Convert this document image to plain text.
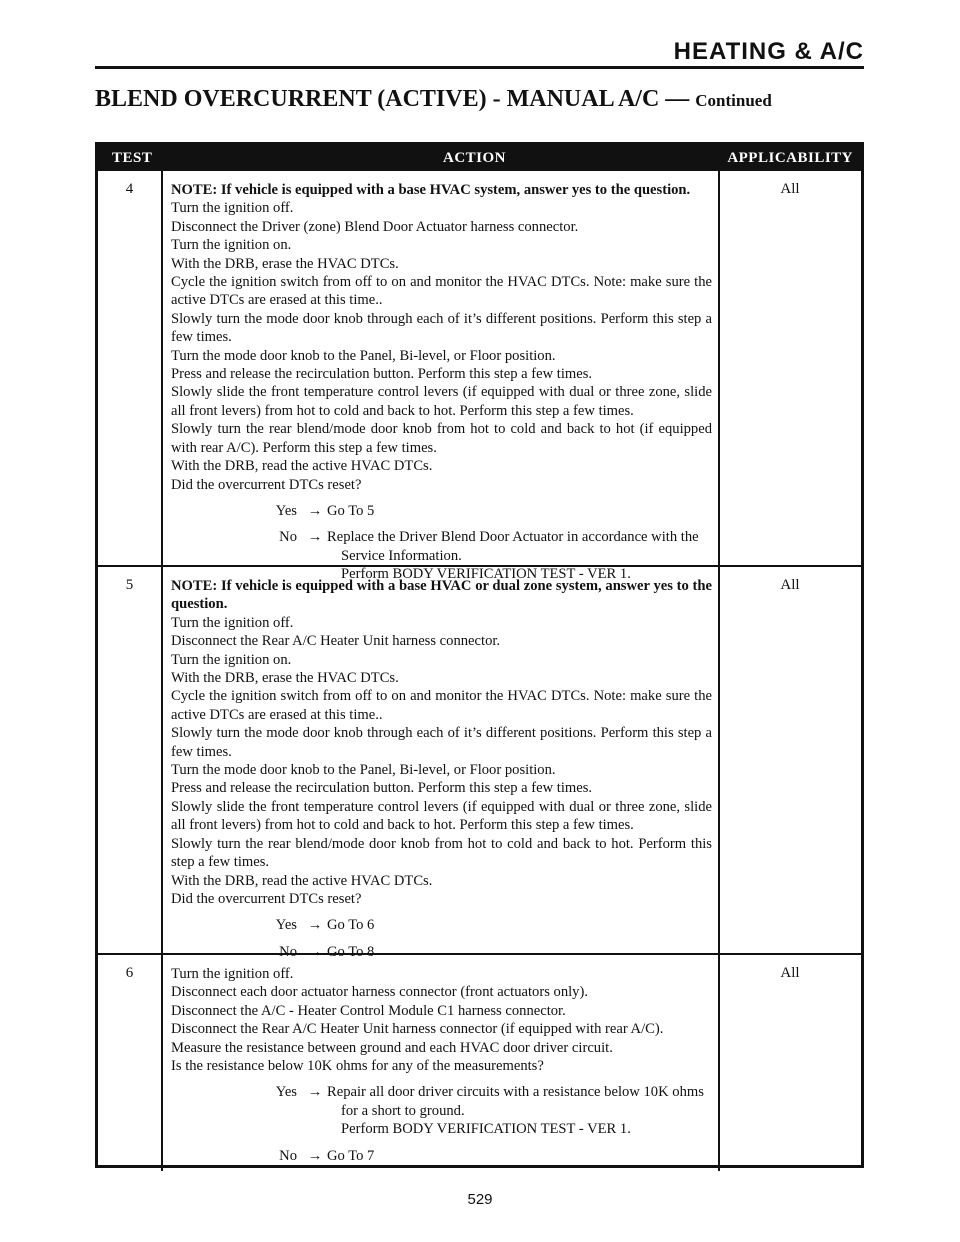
HEATING & A/C
BLEND OVERCURRENT (ACTIVE) - MANUAL A/C — Continued
TEST	ACTION	APPLICABILITY
4	NOTE: If vehicle is equipped with a base HVAC system, answer yes to the question.
Turn the ignition off.
Disconnect the Driver (zone) Blend Door Actuator harness connector.
Turn the ignition on.
With the DRB, erase the HVAC DTCs.
Cycle the ignition switch from off to on and monitor the HVAC DTCs. Note: make sure the active DTCs are erased at this time..
Slowly turn the mode door knob through each of it’s different positions. Perform this step a few times.
Turn the mode door knob to the Panel, Bi-level, or Floor position.
Press and release the recirculation button. Perform this step a few times.
Slowly slide the front temperature control levers (if equipped with dual or three zone, slide all front levers) from hot to cold and back to hot. Perform this step a few times.
Slowly turn the rear blend/mode door knob from hot to cold and back to hot (if equipped with rear A/C). Perform this step a few times.
With the DRB, read the active HVAC DTCs.
Did the overcurrent DTCs reset?
Yes → Go To 5
No → Replace the Driver Blend Door Actuator in accordance with the
Service Information.
Perform BODY VERIFICATION TEST - VER 1.
All
5	NOTE: If vehicle is equipped with a base HVAC or dual zone system, answer yes to the question.
Turn the ignition off.
Disconnect the Rear A/C Heater Unit harness connector.
Turn the ignition on.
With the DRB, erase the HVAC DTCs.
Cycle the ignition switch from off to on and monitor the HVAC DTCs. Note: make sure the active DTCs are erased at this time..
Slowly turn the mode door knob through each of it’s different positions. Perform this step a few times.
Turn the mode door knob to the Panel, Bi-level, or Floor position.
Press and release the recirculation button. Perform this step a few times.
Slowly slide the front temperature control levers (if equipped with dual or three zone, slide all front levers) from hot to cold and back to hot. Perform this step a few times.
Slowly turn the rear blend/mode door knob from hot to cold and back to hot. Perform this step a few times.
With the DRB, read the active HVAC DTCs.
Did the overcurrent DTCs reset?
Yes → Go To 6
No → Go To 8
All
6	Turn the ignition off.
Disconnect each door actuator harness connector (front actuators only).
Disconnect the A/C - Heater Control Module C1 harness connector.
Disconnect the Rear A/C Heater Unit harness connector (if equipped with rear A/C).
Measure the resistance between ground and each HVAC door driver circuit.
Is the resistance below 10K ohms for any of the measurements?
Yes → Repair all door driver circuits with a resistance below 10K ohms
for a short to ground.
Perform BODY VERIFICATION TEST - VER 1.
No → Go To 7
All
529
